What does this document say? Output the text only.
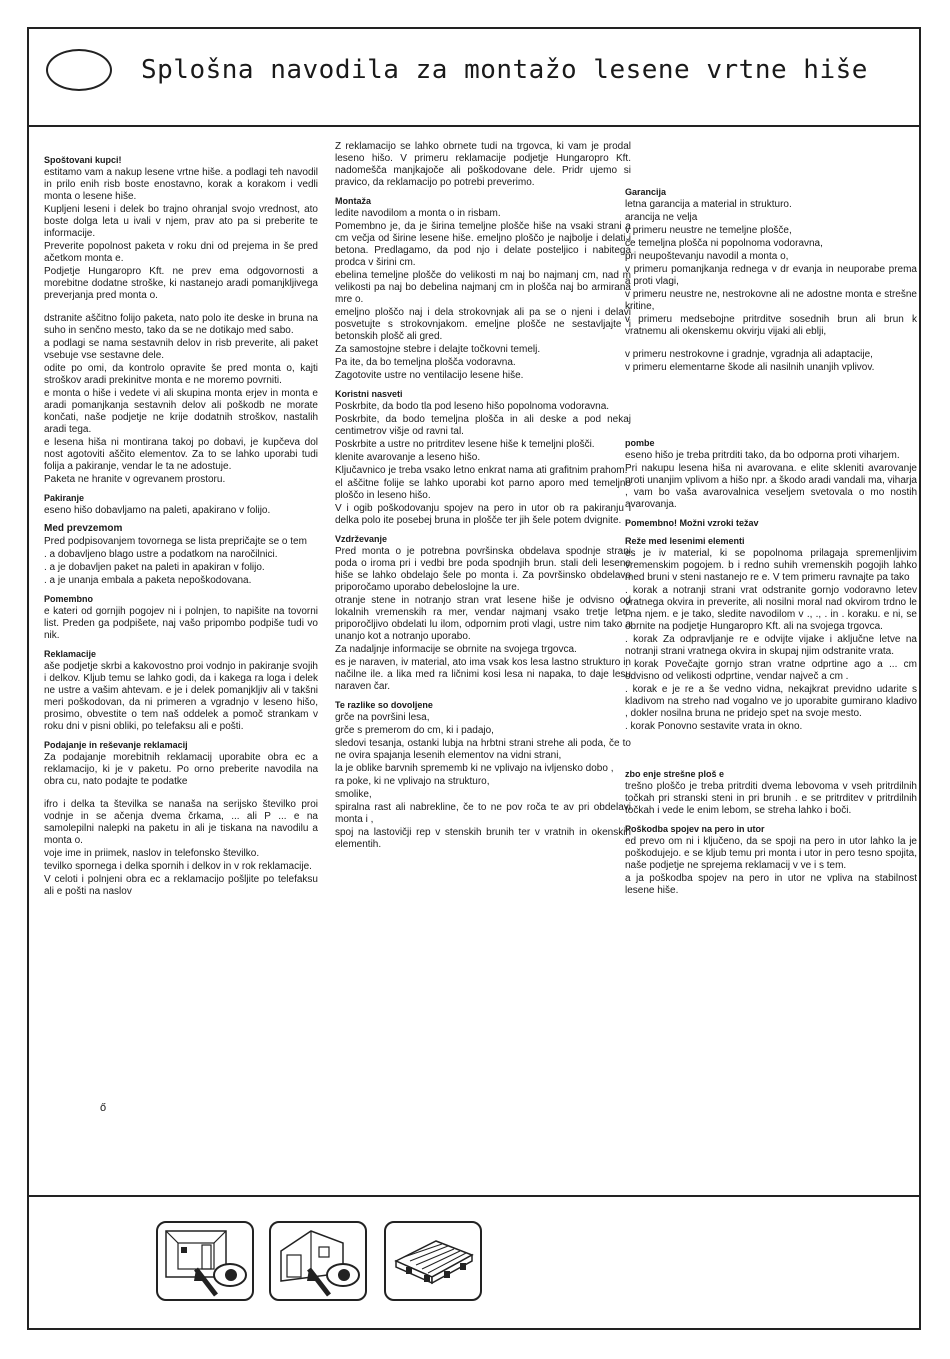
Splošna navodila za montažo lesene vrtne hiše
Spoštovani kupci!
estitamo vam a nakup lesene vrtne hiše. a podlagi teh navodil in prilo enih risb boste enostavno, korak a korakom i vedli monta o lesene hiše.
Kupljeni leseni i delek bo trajno ohranjal svojo vrednost, ato boste dolga leta u ivali v njem, prav ato pa si preberite te informacije.
Preverite popolnost paketa v roku dni od prejema in še pred ačetkom monta e.
Podjetje Hungaropro Kft. ne prev ema odgovornosti a morebitne dodatne stroške, ki nastanejo aradi pomanjkljivega preverjanja pred monta o.
dstranite aščitno folijo paketa, nato polo ite deske in bruna na suho in senčno mesto, tako da se ne dotikajo med sabo.
a podlagi se nama sestavnih delov in risb preverite, ali paket vsebuje vse sestavne dele.
odite po omi, da kontrolo opravite še pred monta o, kajti stroškov aradi prekinitve monta e ne moremo povrniti.
e monta o hiše i vedete vi ali skupina monta erjev in monta e aradi pomanjkanja sestavnih delov ali poškodb ne morate končati, naše podjetje ne krije dodatnih stroškov, nastalih aradi tega.
e lesena hiša ni montirana takoj po dobavi, je kupčeva dol nost agotoviti aščito elementov. Za to se lahko uporabi tudi folija a pakiranje, vendar le ta ne adostuje.
Paketa ne hranite v ogrevanem prostoru.
Pakiranje
eseno hišo dobavljamo na paleti, apakirano v folijo.
Med prevzemom
Pred podpisovanjem tovornega se lista prepričajte se o tem
. a dobavljeno blago ustre a podatkom na naročilnici.
. a je dobavljen paket na paleti in apakiran v folijo.
. a je unanja embala a paketa nepoškodovana.
Pomembno
e kateri od gornjih pogojev ni i polnjen, to napišite na tovorni list. Preden ga podpišete, naj vašo pripombo podpiše tudi vo nik.
Reklamacije
aše podjetje skrbi a kakovostno proi vodnjo in pakiranje svojih i delkov. Kljub temu se lahko godi, da i kakega ra loga i delek ne ustre a vašim ahtevam. e je i delek pomanjkljiv ali v takšni meri poškodovan, da ni primeren a vgradnjo v leseno hišo, prosimo, obvestite o tem naš oddelek a pomoč strankam v roku dni v pisni obliki, po telefaksu ali e pošti.
Podajanje in reševanje reklamacij
Za podajanje morebitnih reklamacij uporabite obra ec a reklamacijo, ki je v paketu. Po orno preberite navodila na obra cu, nato podajte te podatke
ifro i delka ta številka se nanaša na serijsko številko proi vodnje in se ačenja dvema črkama, ... ali P ... e na samolepilni nalepki na paketu in ali je tiskana na navodilu a monta o.
voje ime in priimek, naslov in telefonsko številko.
tevilko spornega i delka spornih i delkov in v rok reklamacije.
V celoti i polnjeni obra ec a reklamacijo pošljite po telefaksu ali e pošti na naslov
Z reklamacijo se lahko obrnete tudi na trgovca, ki vam je prodal leseno hišo. V primeru reklamacije podjetje Hungaropro Kft. nadomešča manjkajoče ali poškodovane dele. Pridr ujemo si pravico, da reklamacijo po potrebi preverimo.
Montaža
ledite navodilom a monta o in risbam.
Pomembno je, da je širina temeljne plošče hiše na vsaki strani a cm večja od širine lesene hiše. emeljno ploščo je najbolje i delati i betona. Predlagamo, da pod njo i delate posteljico i nabitega prodca v širini cm.
ebelina temeljne plošče do velikosti m naj bo najmanj cm, nad m velikosti pa naj bo debelina najmanj cm in plošča naj bo armirana mre o.
emeljno ploščo naj i dela strokovnjak ali pa se o njeni i delavi posvetujte s strokovnjakom. emeljne plošče ne sestavljajte i betonskih plošč ali gred.
Za samostojne stebre i delajte točkovni temelj.
Pa ite, da bo temeljna plošča vodoravna.
Zagotovite ustre no ventilacijo lesene hiše.
Koristni nasveti
Poskrbite, da bodo tla pod leseno hišo popolnoma vodoravna.
Poskrbite, da bodo temeljna plošča in ali deske a pod nekaj centimetrov višje od ravni tal.
Poskrbite a ustre no pritrditev lesene hiše k temeljni plošči.
klenite avarovanje a leseno hišo.
Ključavnico je treba vsako letno enkrat nama ati grafitnim prahom.
el aščitne folije se lahko uporabi kot parno aporo med temeljno ploščo in leseno hišo.
V i ogib poškodovanju spojev na pero in utor ob ra pakiranju i delka polo ite posebej bruna in plošče ter jih šele potem dvignite.
Vzdrževanje
Pred monta o je potrebna površinska obdelava spodnje strani poda o iroma pri i vedbi bre poda spodnjih brun. stali deli lesene hiše se lahko obdelajo šele po monta i. Za površinsko obdelavo priporočamo uporabo debeloslojne la ure.
otranje stene in notranjo stran vrat lesene hiše je odvisno od lokalnih vremenskih ra mer, vendar najmanj vsako tretje leto priporočljivo obdelati lu ilom, odpornim proti vlagi, ustre nim tako a unanjo kot a notranjo uporabo.
Za nadaljnje informacije se obrnite na svojega trgovca.
es je naraven, iv material, ato ima vsak kos lesa lastno strukturo in načilne ile. a lika med ra ličnimi kosi lesa ni napaka, to daje lesu naraven čar.
Te razlike so dovoljene
grče na površini lesa,
grče s premerom do cm, ki i padajo,
sledovi tesanja, ostanki lubja na hrbtni strani strehe ali poda, če to ne ovira spajanja lesenih elementov na vidni strani,
la je oblike barvnih sprememb ki ne vplivajo na ivljensko dobo ,
ra poke, ki ne vplivajo na strukturo,
smolike,
spiralna rast ali nabrekline, če to ne pov roča te av pri obdelavi monta i ,
spoj na lastovičji rep v stenskih brunih ter v vratnih in okenskih elementih.
Garancija
letna garancija a material in strukturo.
arancija ne velja
v primeru neustre ne temeljne plošče,
če temeljna plošča ni popolnoma vodoravna,
pri neupoštevanju navodil a monta o,
v primeru pomanjkanja rednega v dr evanja in neuporabe prema a proti vlagi,
v primeru neustre ne, nestrokovne ali ne adostne monta e strešne kritine,
v primeru medsebojne pritrditve sosednih brun ali brun k vratnemu ali okenskemu okvirju vijaki ali eblji,
v primeru nestrokovne i gradnje, vgradnja ali adaptacije,
v primeru elementarne škode ali nasilnih unanjih vplivov.
pombe
eseno hišo je treba pritrditi tako, da bo odporna proti viharjem.
Pri nakupu lesena hiša ni avarovana. e elite skleniti avarovanje proti unanjim vplivom a hišo npr. a škodo aradi vandali ma, viharja , vam bo vaša avarovalnica veseljem svetovala o mo nostih avarovanja.
Pomembno! Možni vzroki težav
Reže med lesenimi elementi
es je iv material, ki se popolnoma prilagaja spremenljivim vremenskim pogojem. b i redno suhih vremenskih pogojih lahko med bruni v steni nastanejo re e. V tem primeru ravnajte pa tako
. korak a notranji strani vrat odstranite gornjo vodoravno letev vratnega okvira in preverite, ali nosilni moral nad okvirom trdno le i na njem. e je tako, sledite navodilom v ., ., . in . koraku. e ni, se obrnite na podjetje Hungaropro Kft. ali na svojega trgovca.
. korak Za odpravljanje re e odvijte vijake i aključne letve na notranji strani vratnega okvira in skupaj njim odstranite vrata.
. korak Povečajte gornjo stran vratne odprtine ago a ... cm odvisno od velikosti odprtine, vendar največ a cm .
. korak e je re a še vedno vidna, nekajkrat previdno udarite s kladivom na streho nad vogalno ve jo uporabite gumirano kladivo , dokler nosilna bruna ne pridejo spet na svoje mesto.
. korak Ponovno sestavite vrata in okno.
zbo enje strešne ploš e
trešno ploščo je treba pritrditi dvema lebovoma v vseh pritrdilnih točkah pri stranski steni in pri brunih . e se pritrditev v pritrdilnih točkah i vede le enim lebom, se streha lahko i boči.
Poškodba spojev na pero in utor
ed prevo om ni i ključeno, da se spoji na pero in utor lahko la je poškodujejo. e se kljub temu pri monta i utor in pero tesno spojita, naše podjetje ne sprejema reklamacij v ve i s tem.
a ja poškodba spojev na pero in utor ne vpliva na stabilnost lesene hiše.
ő
